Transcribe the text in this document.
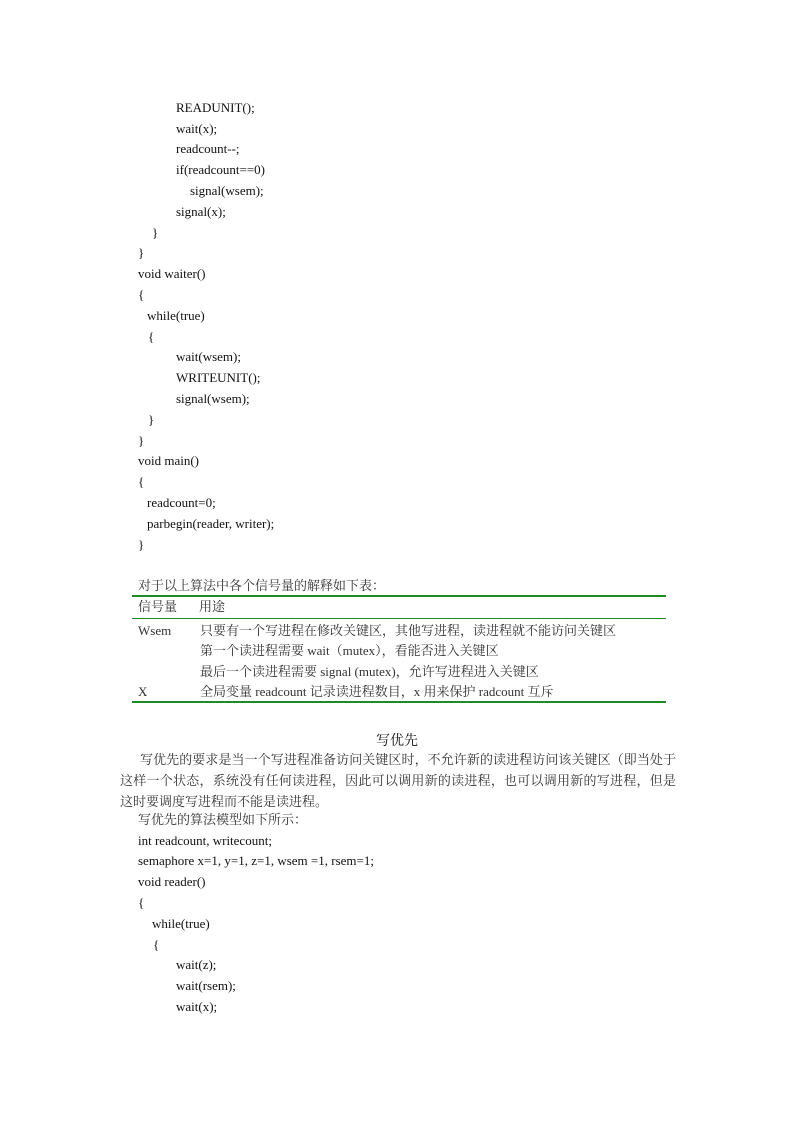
READUNIT();
wait(x);
readcount--;
if(readcount==0)
signal(wsem);
signal(x);
}
}
void waiter()
{
while(true)
{
wait(wsem);
WRITEUNIT();
signal(wsem);
}
}
void main()
{
readcount=0;
parbegin(reader, writer);
}
对于以上算法中各个信号量的解释如下表：
信号量 用途
Wsem 只要有一个写进程在修改关键区，其他写进程，读进程就不能访问关键区
第一个读进程需要 wait（mutex），看能否进入关键区
最后一个读进程需要 signal (mutex)，允许写进程进入关键区
X	全局变量 readcount 记录读进程数目，x 用来保护 radcount 互斥
写优先
写优先的要求是当一个写进程准备访问关键区时，不允许新的读进程访问该关键区（即当处于这样一个状态，系统没有任何读进程，因此可以调用新的读进程，也可以调用新的写进程，但是这时要调度写进程而不能是读进程。
写优先的算法模型如下所示：
int readcount, writecount;
semaphore x=1, y=1, z=1, wsem =1, rsem=1;
void reader()
{
while(true)
{
wait(z);
wait(rsem);
wait(x);
